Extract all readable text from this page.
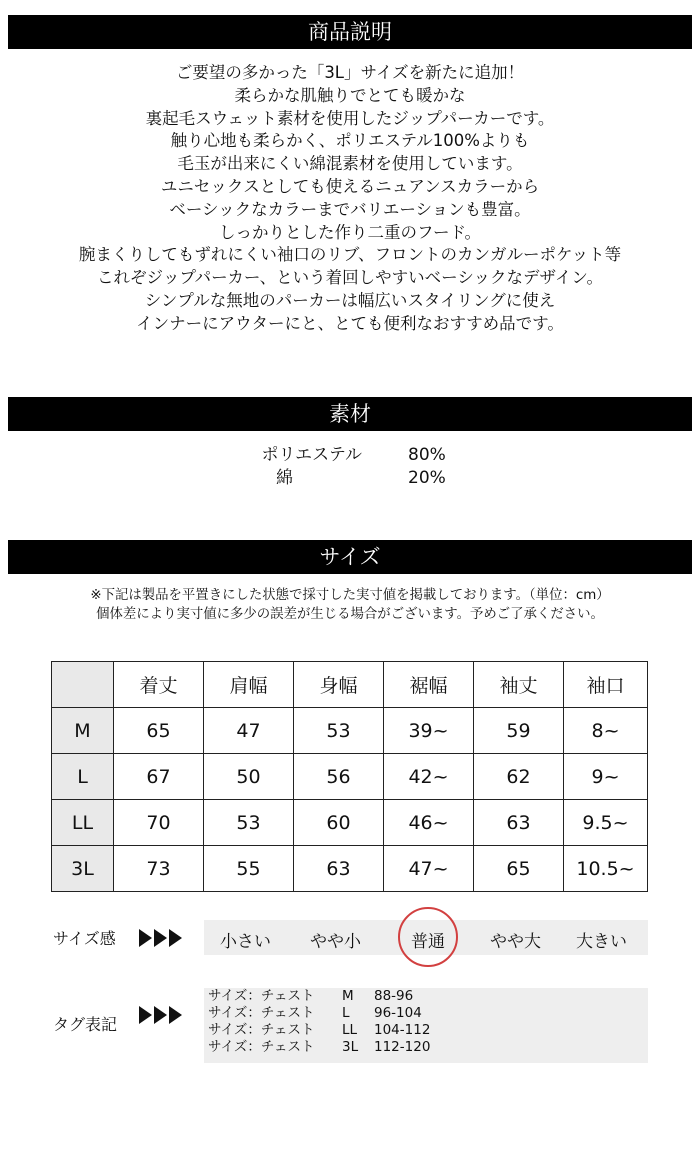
商品説明
ご要望の多かった「3L」サイズを新たに追加！
柔らかな肌触りでとても暖かな
裏起毛スウェット素材を使用したジップパーカーです。
触り心地も柔らかく、ポリエステル100%よりも
毛玉が出来にくい綿混素材を使用しています。
ユニセックスとしても使えるニュアンスカラーから
ベーシックなカラーまでバリエーションも豊富。
しっかりとした作り二重のフード。
腕まくりしてもずれにくい袖口のリブ、フロントのカンガルーポケット等
これぞジップパーカー、という着回しやすいベーシックなデザイン。
シンプルな無地のパーカーは幅広いスタイリングに使え
インナーにアウターにと、とても便利なおすすめ品です。
素材
ポリエステル	80%
綿	20%
サイズ
※下記は製品を平置きにした状態で採寸した実寸値を掲載しております。（単位：cm）
個体差により実寸値に多少の誤差が生じる場合がございます。予めご了承ください。
	着丈	肩幅	身幅	裾幅	袖丈	袖口
M	65	47	53	39~	59	8~
L	67	50	56	42~	62	9~
LL	70	53	60	46~	63	9.5~
3L	73	55	63	47~	65	10.5~
サイズ感	小さい やや小	普通	やや大 大きい
タグ表記
サイズ：チェスト M 88-96
サイズ：チェスト L 96-104
サイズ：チェスト LL 104-112
サイズ：チェスト 3L 112-120
